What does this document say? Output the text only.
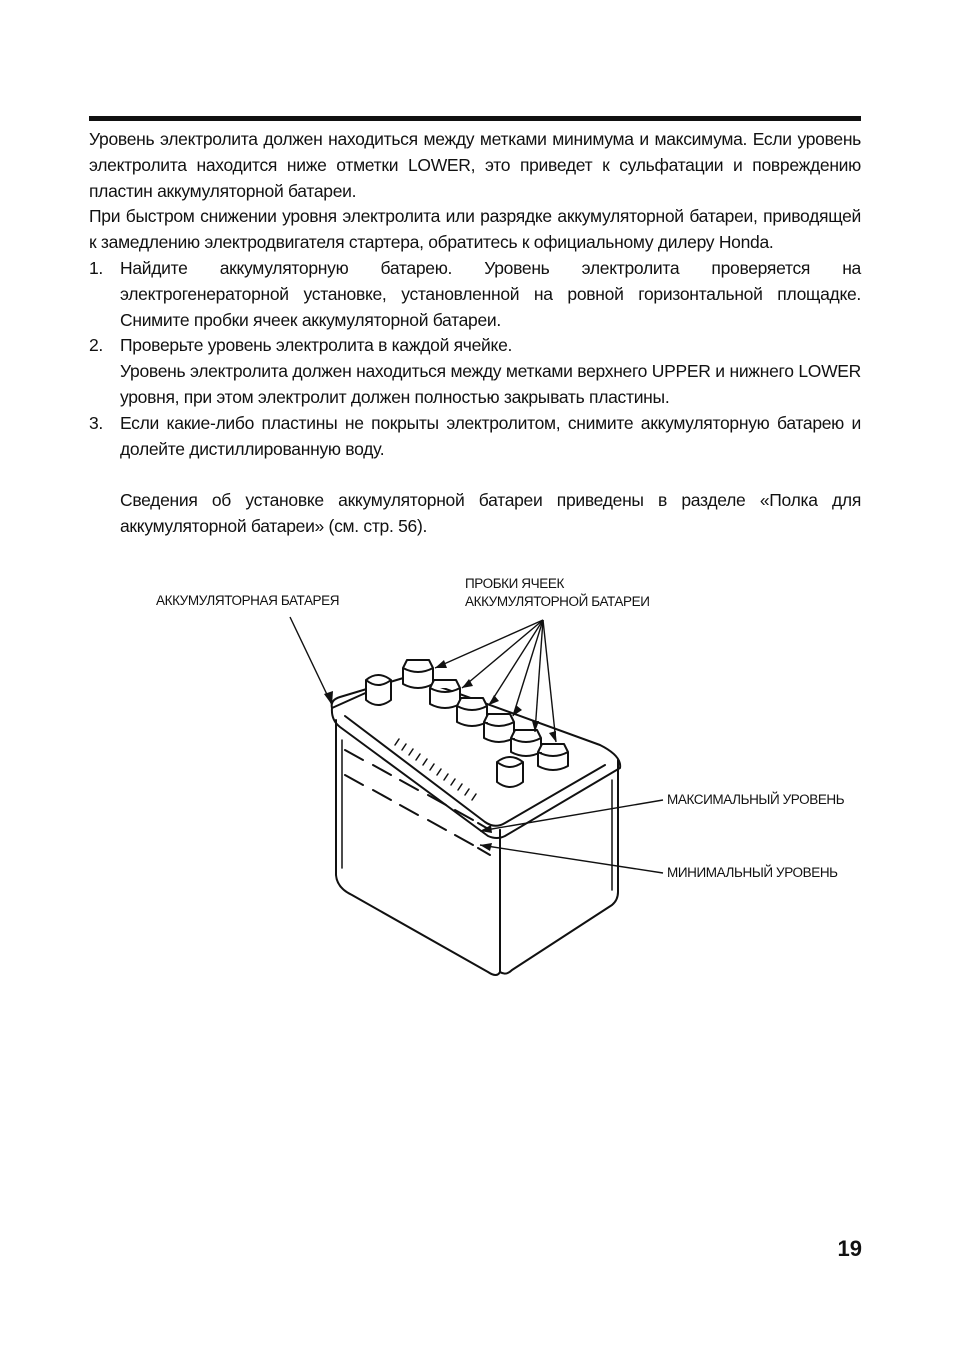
Уровень электролита должен находиться между метками минимума и максимума. Если уровень электролита находится ниже отметки LOWER, это приведет к сульфатации и повреждению пластин аккумуляторной батареи.

При быстром снижении уровня электролита или разрядке аккумуляторной батареи, приводящей к замедлению электродвигателя стартера, обратитесь к официальному дилеру Honda.

1. Найдите аккумуляторную батарею. Уровень электролита проверяется на электрогенераторной установке, установленной на ровной горизонтальной площадке. Снимите пробки ячеек аккумуляторной батареи.

2. Проверьте уровень электролита в каждой ячейке.

Уровень электролита должен находиться между метками верхнего UPPER и нижнего LOWER уровня, при этом электролит должен полностью закрывать пластины.

3. Если какие-либо пластины не покрыты электролитом, снимите аккумуляторную батарею и долейте дистиллированную воду.

Сведения об установке аккумуляторной батареи приведены в разделе «Полка для аккумуляторной батареи» (см. стр. 56).

АККУМУЛЯТОРНАЯ БАТАРЕЯ
ПРОБКИ ЯЧЕЕК
АККУМУЛЯТОРНОЙ БАТАРЕИ
МАКСИМАЛЬНЫЙ УРОВЕНЬ
МИНИМАЛЬНЫЙ УРОВЕНЬ
19
